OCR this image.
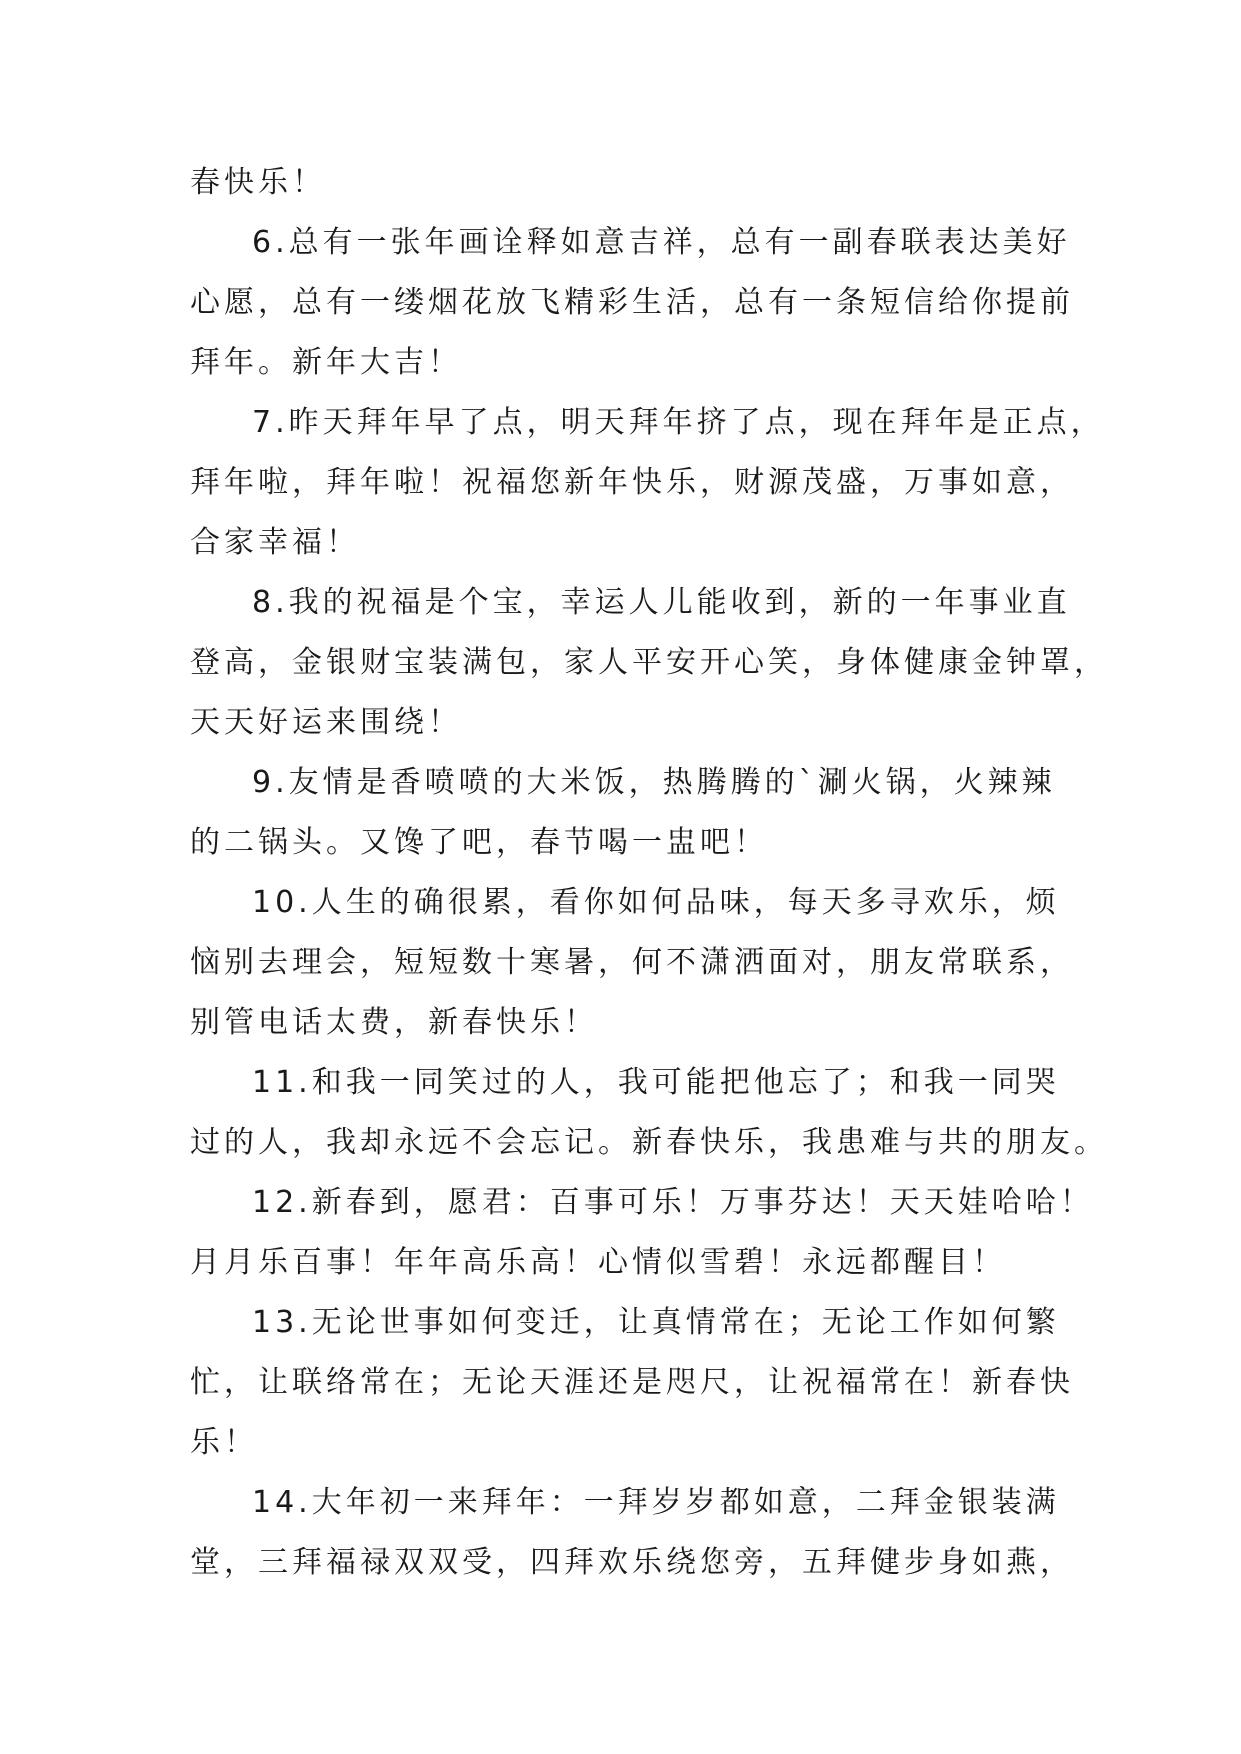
春快乐！
6.总有一张年画诠释如意吉祥，总有一副春联表达美好
心愿，总有一缕烟花放飞精彩生活，总有一条短信给你提前
拜年。新年大吉！
7.昨天拜年早了点，明天拜年挤了点，现在拜年是正点，
拜年啦，拜年啦！祝福您新年快乐，财源茂盛，万事如意，
合家幸福！
8.我的祝福是个宝，幸运人儿能收到，新的一年事业直
登高，金银财宝装满包，家人平安开心笑，身体健康金钟罩，
天天好运来围绕！
9.友情是香喷喷的大米饭，热腾腾的`涮火锅，火辣辣
的二锅头。又馋了吧，春节喝一盅吧！
10.人生的确很累，看你如何品味，每天多寻欢乐，烦
恼别去理会，短短数十寒暑，何不潇洒面对，朋友常联系，
别管电话太费，新春快乐！
11.和我一同笑过的人，我可能把他忘了；和我一同哭
过的人，我却永远不会忘记。新春快乐，我患难与共的朋友。
12.新春到，愿君：百事可乐！万事芬达！天天娃哈哈！
月月乐百事！年年高乐高！心情似雪碧！永远都醒目！
13.无论世事如何变迁，让真情常在；无论工作如何繁
忙，让联络常在；无论天涯还是咫尺，让祝福常在！新春快
乐！
14.大年初一来拜年：一拜岁岁都如意，二拜金银装满
堂，三拜福禄双双受，四拜欢乐绕您旁，五拜健步身如燕，
